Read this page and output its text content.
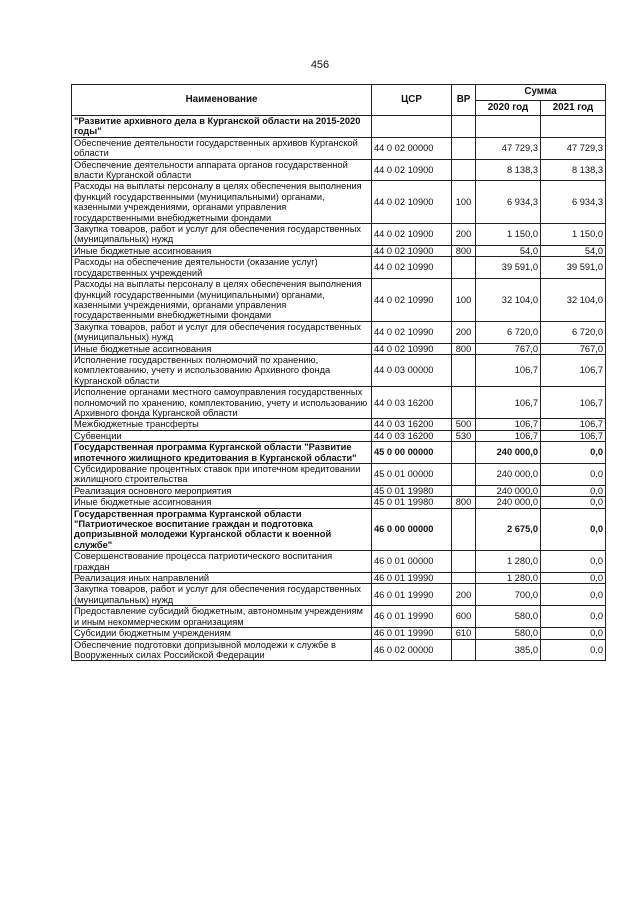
456
Наименование	ЦСР	ВР	Сумма	
			2020 год	2021 год
"Развитие архивного дела в Курганской области на 2015-2020 годы"				
Обеспечение деятельности государственных архивов Курганской области	44 0 02 00000		47 729,3	47 729,3
Обеспечение деятельности аппарата органов государственной власти Курганской области	44 0 02 10900		8 138,3	8 138,3
Расходы на выплаты персоналу в целях обеспечения выполнения функций государственными (муниципальными) органами, казенными учреждениями, органами управления государственными внебюджетными фондами	44 0 02 10900	100	6 934,3	6 934,3
Закупка товаров, работ и услуг для обеспечения государственных (муниципальных) нужд	44 0 02 10900	200	1 150,0	1 150,0
Иные бюджетные ассигнования	44 0 02 10900	800	54,0	54,0
Расходы на обеспечение деятельности (оказание услуг) государственных учреждений	44 0 02 10990		39 591,0	39 591,0
Расходы на выплаты персоналу в целях обеспечения выполнения функций государственными (муниципальными) органами, казенными учреждениями, органами управления государственными внебюджетными фондами	44 0 02 10990	100	32 104,0	32 104,0
Закупка товаров, работ и услуг для обеспечения государственных (муниципальных) нужд	44 0 02 10990	200	6 720,0	6 720,0
Иные бюджетные ассигнования	44 0 02 10990	800	767,0	767,0
Исполнение государственных полномочий по хранению, комплектованию, учету и использованию Архивного фонда Курганской области	44 0 03 00000		106,7	106,7
Исполнение органами местного самоуправления государственных полномочий по хранению, комплектованию, учету и использованию Архивного фонда Курганской области	44 0 03 16200		106,7	106,7
Межбюджетные трансферты	44 0 03 16200	500	106,7	106,7
Субвенции	44 0 03 16200	530	106,7	106,7
Государственная программа Курганской области "Развитие ипотечного жилищного кредитования в Курганской области"	45 0 00 00000		240 000,0	0,0
Субсидирование процентных ставок при ипотечном кредитовании жилищного строительства	45 0 01 00000		240 000,0	0,0
Реализация основного мероприятия	45 0 01 19980		240 000,0	0,0
Иные бюджетные ассигнования	45 0 01 19980	800	240 000,0	0,0
Государственная программа Курганской области "Патриотическое воспитание граждан и подготовка допризывной молодежи Курганской области к военной службе"	46 0 00 00000		2 675,0	0,0
Совершенствование процесса патриотического воспитания граждан	46 0 01 00000		1 280,0	0,0
Реализация иных направлений	46 0 01 19990		1 280,0	0,0
Закупка товаров, работ и услуг для обеспечения государственных (муниципальных) нужд	46 0 01 19990	200	700,0	0,0
Предоставление субсидий бюджетным, автономным учреждениям и иным некоммерческим организациям	46 0 01 19990	600	580,0	0,0
Субсидии бюджетным учреждениям	46 0 01 19990	610	580,0	0,0
Обеспечение подготовки допризывной молодежи к службе в Вооруженных силах Российской Федерации	46 0 02 00000		385,0	0,0
